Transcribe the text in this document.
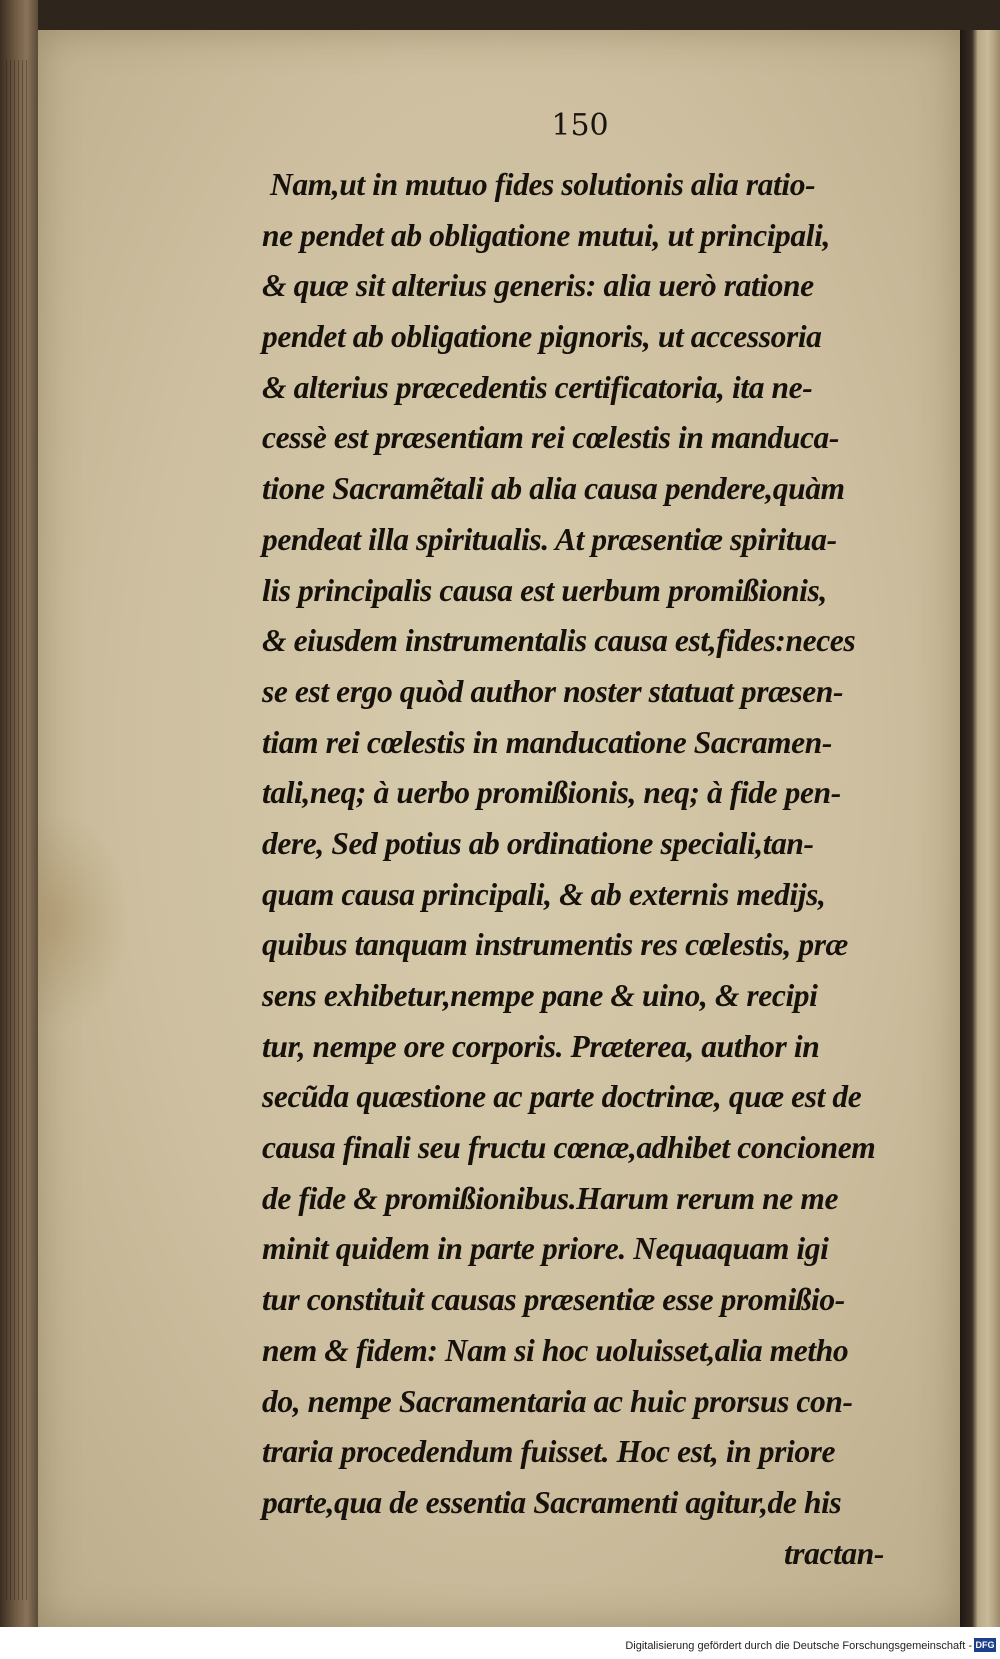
150
Nam,ut in mutuo fides solutionis alia ratio-
ne pendet ab obligatione mutui, ut principali,
& quæ sit alterius generis: alia uerò ratione
pendet ab obligatione pignoris, ut accessoria
& alterius præcedentis certificatoria, ita ne-
cessè est præsentiam rei cœlestis in manduca-
tione Sacramẽtali ab alia causa pendere,quàm
pendeat illa spiritualis. At præsentiæ spiritua-
lis principalis causa est uerbum promißionis,
& eiusdem instrumentalis causa est,fides:neces
se est ergo quòd author noster statuat præsen-
tiam rei cœlestis in manducatione Sacramen-
tali,neq; à uerbo promißionis, neq; à fide pen-
dere, Sed potius ab ordinatione speciali,tan-
quam causa principali, & ab externis medijs,
quibus tanquam instrumentis res cœlestis, præ
sens exhibetur,nempe pane & uino, & recipi
tur, nempe ore corporis. Præterea, author in
secũda quæstione ac parte doctrinæ, quæ est de
causa finali seu fructu cœnæ,adhibet concionem
de fide & promißionibus.Harum rerum ne me
minit quidem in parte priore. Nequaquam igi
tur constituit causas præsentiæ esse promißio-
nem & fidem: Nam si hoc uoluisset,alia metho
do, nempe Sacramentaria ac huic prorsus con-
traria procedendum fuisset. Hoc est, in priore
parte,qua de essentia Sacramenti agitur,de his
tractan-
Digitalisierung gefördert durch die Deutsche Forschungsgemeinschaft - DFG
